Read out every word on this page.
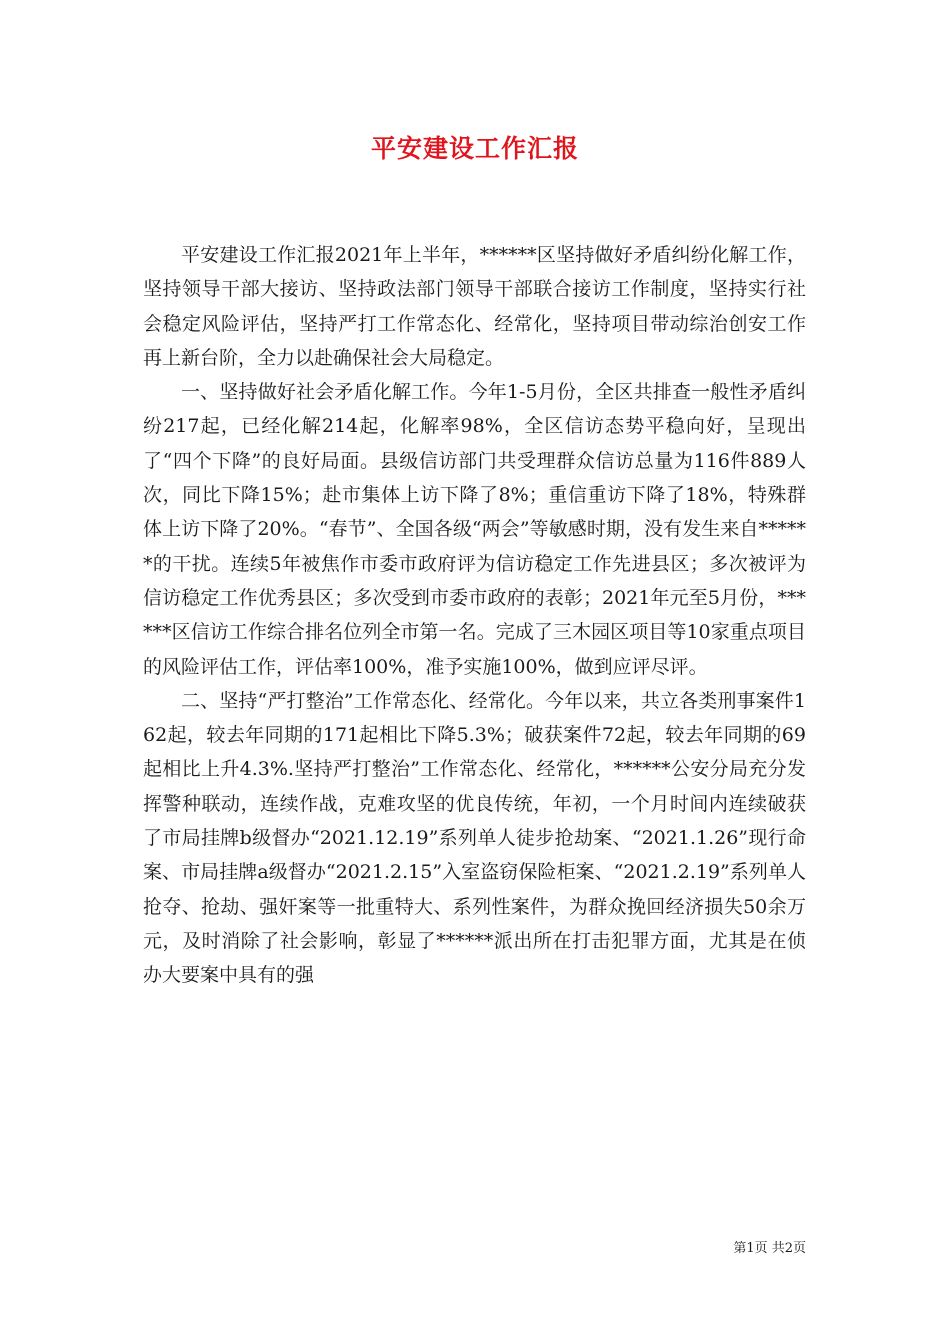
平安建设工作汇报

平安建设工作汇报2021年上半年，******区坚持做好矛盾纠纷化解工作，坚持领导干部大接访、坚持政法部门领导干部联合接访工作制度，坚持实行社会稳定风险评估，坚持严打工作常态化、经常化，坚持项目带动综治创安工作再上新台阶，全力以赴确保社会大局稳定。

一、坚持做好社会矛盾化解工作。今年1-5月份，全区共排查一般性矛盾纠纷217起，已经化解214起，化解率98%，全区信访态势平稳向好，呈现出了“四个下降”的良好局面。县级信访部门共受理群众信访总量为116件889人次，同比下降15%；赴市集体上访下降了8%；重信重访下降了18%，特殊群体上访下降了20%。“春节”、全国各级“两会”等敏感时期，没有发生来自******的干扰。连续5年被焦作市委市政府评为信访稳定工作先进县区；多次被评为信访稳定工作优秀县区；多次受到市委市政府的表彰；2021年元至5月份，******区信访工作综合排名位列全市第一名。完成了三木园区项目等10家重点项目的风险评估工作，评估率100%，准予实施100%，做到应评尽评。

二、坚持“严打整治”工作常态化、经常化。今年以来，共立各类刑事案件162起，较去年同期的171起相比下降5.3%；破获案件72起，较去年同期的69起相比上升4.3%.坚持严打整治”工作常态化、经常化，******公安分局充分发挥警种联动，连续作战，克难攻坚的优良传统，年初，一个月时间内连续破获了市局挂牌b级督办“2021.12.19”系列单人徒步抢劫案、“2021.1.26”现行命案、市局挂牌a级督办“2021.2.15”入室盗窃保险柜案、“2021.2.19”系列单人抢夺、抢劫、强奸案等一批重特大、系列性案件，为群众挽回经济损失50余万元，及时消除了社会影响，彰显了******派出所在打击犯罪方面，尤其是在侦办大要案中具有的强

第1页 共2页
